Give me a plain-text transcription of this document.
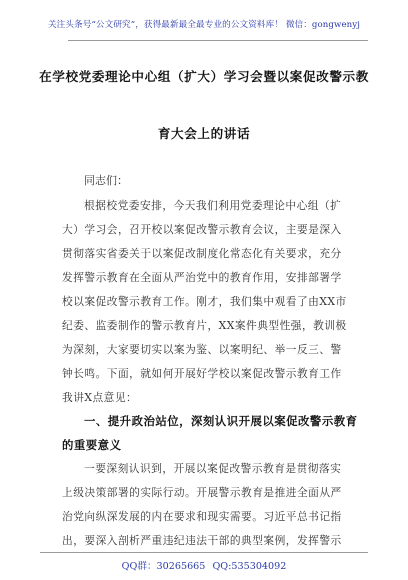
关注头条号“公文研究”，获得最新最全最专业的公文资料库！ 微信：gongwenyj
在学校党委理论中心组（扩大）学习会暨以案促改警示教
育大会上的讲话
同志们：
根据校党委安排，今天我们利用党委理论中心组（扩
大）学习会，召开校以案促改警示教育会议，主要是深入
贯彻落实省委关于以案促改制度化常态化有关要求，充分
发挥警示教育在全面从严治党中的教育作用，安排部署学
校以案促改警示教育工作。刚才，我们集中观看了由XX市
纪委、监委制作的警示教育片，XX案件典型性强，教训极
为深刻，大家要切实以案为鉴、以案明纪、举一反三、警
钟长鸣。下面，就如何开展好学校以案促改警示教育工作
我讲X点意见：
一、提升政治站位，深刻认识开展以案促改警示教育
的重要意义
一要深刻认识到，开展以案促改警示教育是贯彻落实
上级决策部署的实际行动。开展警示教育是推进全面从严
治党向纵深发展的内在要求和现实需要。习近平总书记指
出，要深入剖析严重违纪违法干部的典型案例，发挥警示
QQ群：30265665 QQ:535304092
